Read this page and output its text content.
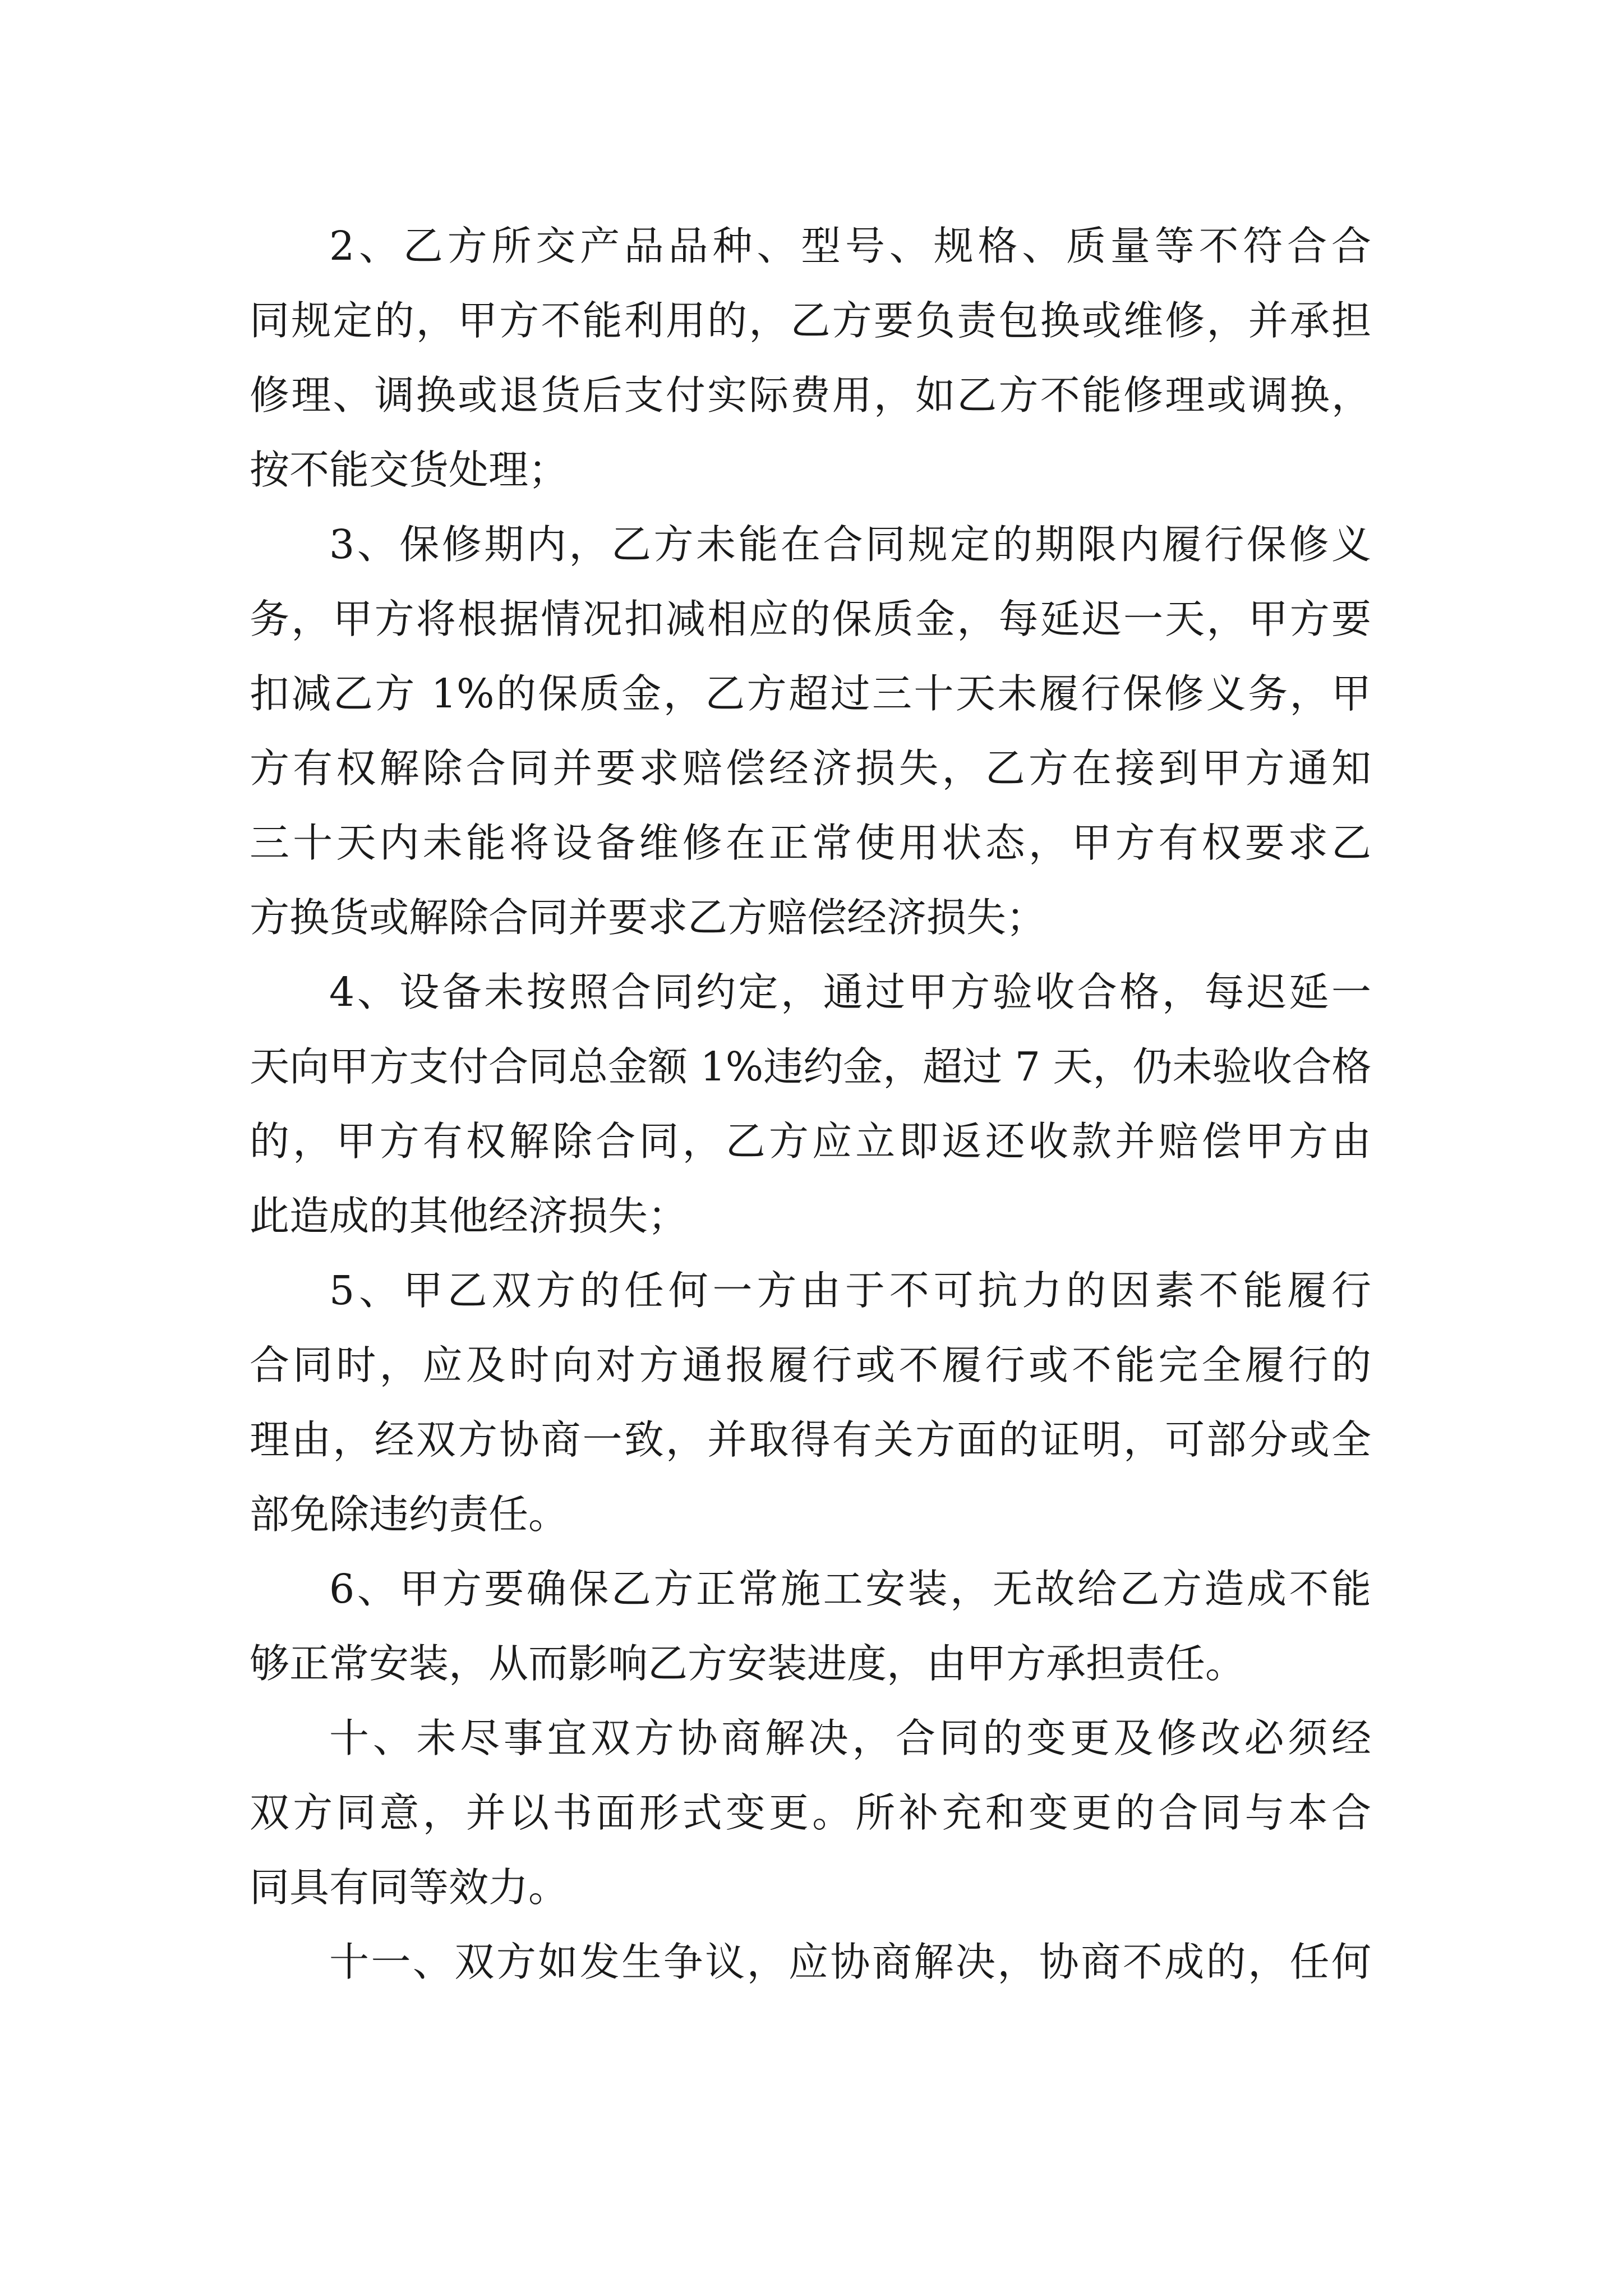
2、乙方所交产品品种、型号、规格、质量等不符合合
同规定的，甲方不能利用的，乙方要负责包换或维修，并承担
修理、调换或退货后支付实际费用，如乙方不能修理或调换，
按不能交货处理；
3、保修期内，乙方未能在合同规定的期限内履行保修义
务，甲方将根据情况扣减相应的保质金，每延迟一天，甲方要
扣减乙方 1%的保质金，乙方超过三十天未履行保修义务，甲
方有权解除合同并要求赔偿经济损失，乙方在接到甲方通知
三十天内未能将设备维修在正常使用状态，甲方有权要求乙
方换货或解除合同并要求乙方赔偿经济损失；
4、设备未按照合同约定，通过甲方验收合格，每迟延一
天向甲方支付合同总金额 1%违约金，超过 7 天，仍未验收合格
的，甲方有权解除合同，乙方应立即返还收款并赔偿甲方由
此造成的其他经济损失；
5、甲乙双方的任何一方由于不可抗力的因素不能履行
合同时，应及时向对方通报履行或不履行或不能完全履行的
理由，经双方协商一致，并取得有关方面的证明，可部分或全
部免除违约责任。
6、甲方要确保乙方正常施工安装，无故给乙方造成不能
够正常安装，从而影响乙方安装进度，由甲方承担责任。
十、未尽事宜双方协商解决，合同的变更及修改必须经
双方同意，并以书面形式变更。所补充和变更的合同与本合
同具有同等效力。
十一、双方如发生争议，应协商解决，协商不成的，任何
